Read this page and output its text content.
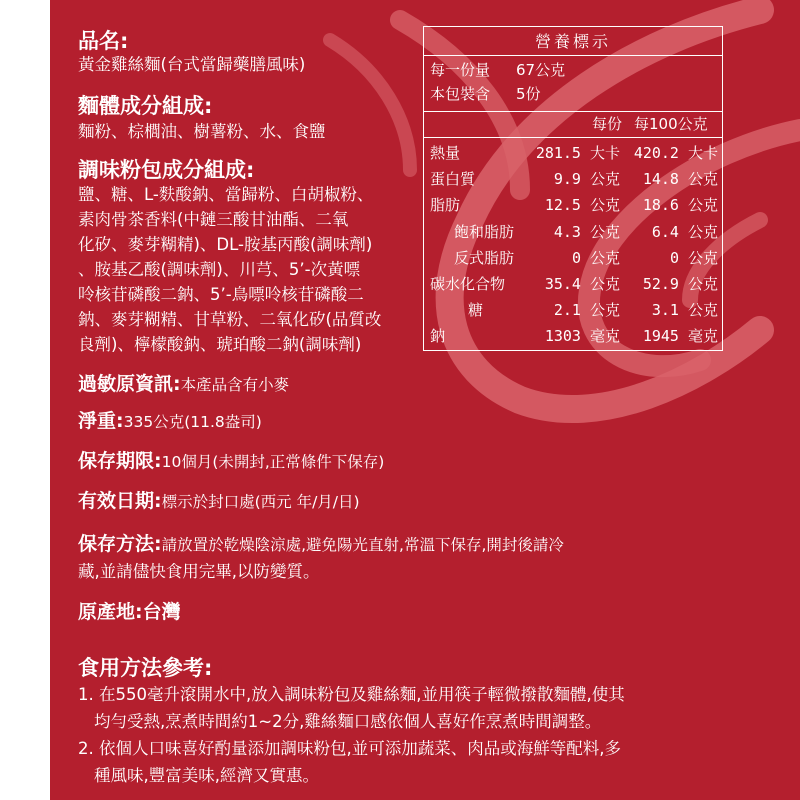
品名:
黃金雞絲麵(台式當歸藥膳風味)
麵體成分組成:
麵粉、棕櫚油、樹薯粉、水、食鹽
調味粉包成分組成:
鹽、糖、L-麩酸鈉、當歸粉、白胡椒粉、
素肉骨茶香料(中鏈三酸甘油酯、二氧
化矽、麥芽糊精)、DL-胺基丙酸(調味劑)
、胺基乙酸(調味劑)、川芎、5’-次黃嘌
呤核苷磷酸二鈉、5’-鳥嘌呤核苷磷酸二
鈉、麥芽糊精、甘草粉、二氧化矽(品質改
良劑)、檸檬酸鈉、琥珀酸二鈉(調味劑)
過敏原資訊:本產品含有小麥
淨重:335公克(11.8盎司)
保存期限:10個月(未開封,正常條件下保存)
有效日期:標示於封口處(西元 年/月/日)
保存方法:請放置於乾燥陰涼處,避免陽光直射,常溫下保存,開封後請冷
藏,並請儘快食用完畢,以防變質。
原產地:台灣
食用方法參考:
1. 在550毫升滾開水中,放入調味粉包及雞絲麵,並用筷子輕微撥散麵體,使其
均勻受熱,烹煮時間約1~2分,雞絲麵口感依個人喜好作烹煮時間調整。
2. 依個人口味喜好酌量添加調味粉包,並可添加蔬菜、肉品或海鮮等配料,多
種風味,豐富美味,經濟又實惠。
營養標示
每一份量 67公克
本包裝含 5份
每份 每100公克
熱量	281.5 大卡 420.2 大卡
蛋白質	9.9 公克	14.8 公克
脂肪	12.5 公克	18.6 公克
飽和脂肪	4.3 公克	6.4 公克
反式脂肪	0 公克	0 公克
碳水化合物	35.4 公克	52.9 公克
糖	2.1 公克	3.1 公克
鈉	1303 毫克	1945 毫克
